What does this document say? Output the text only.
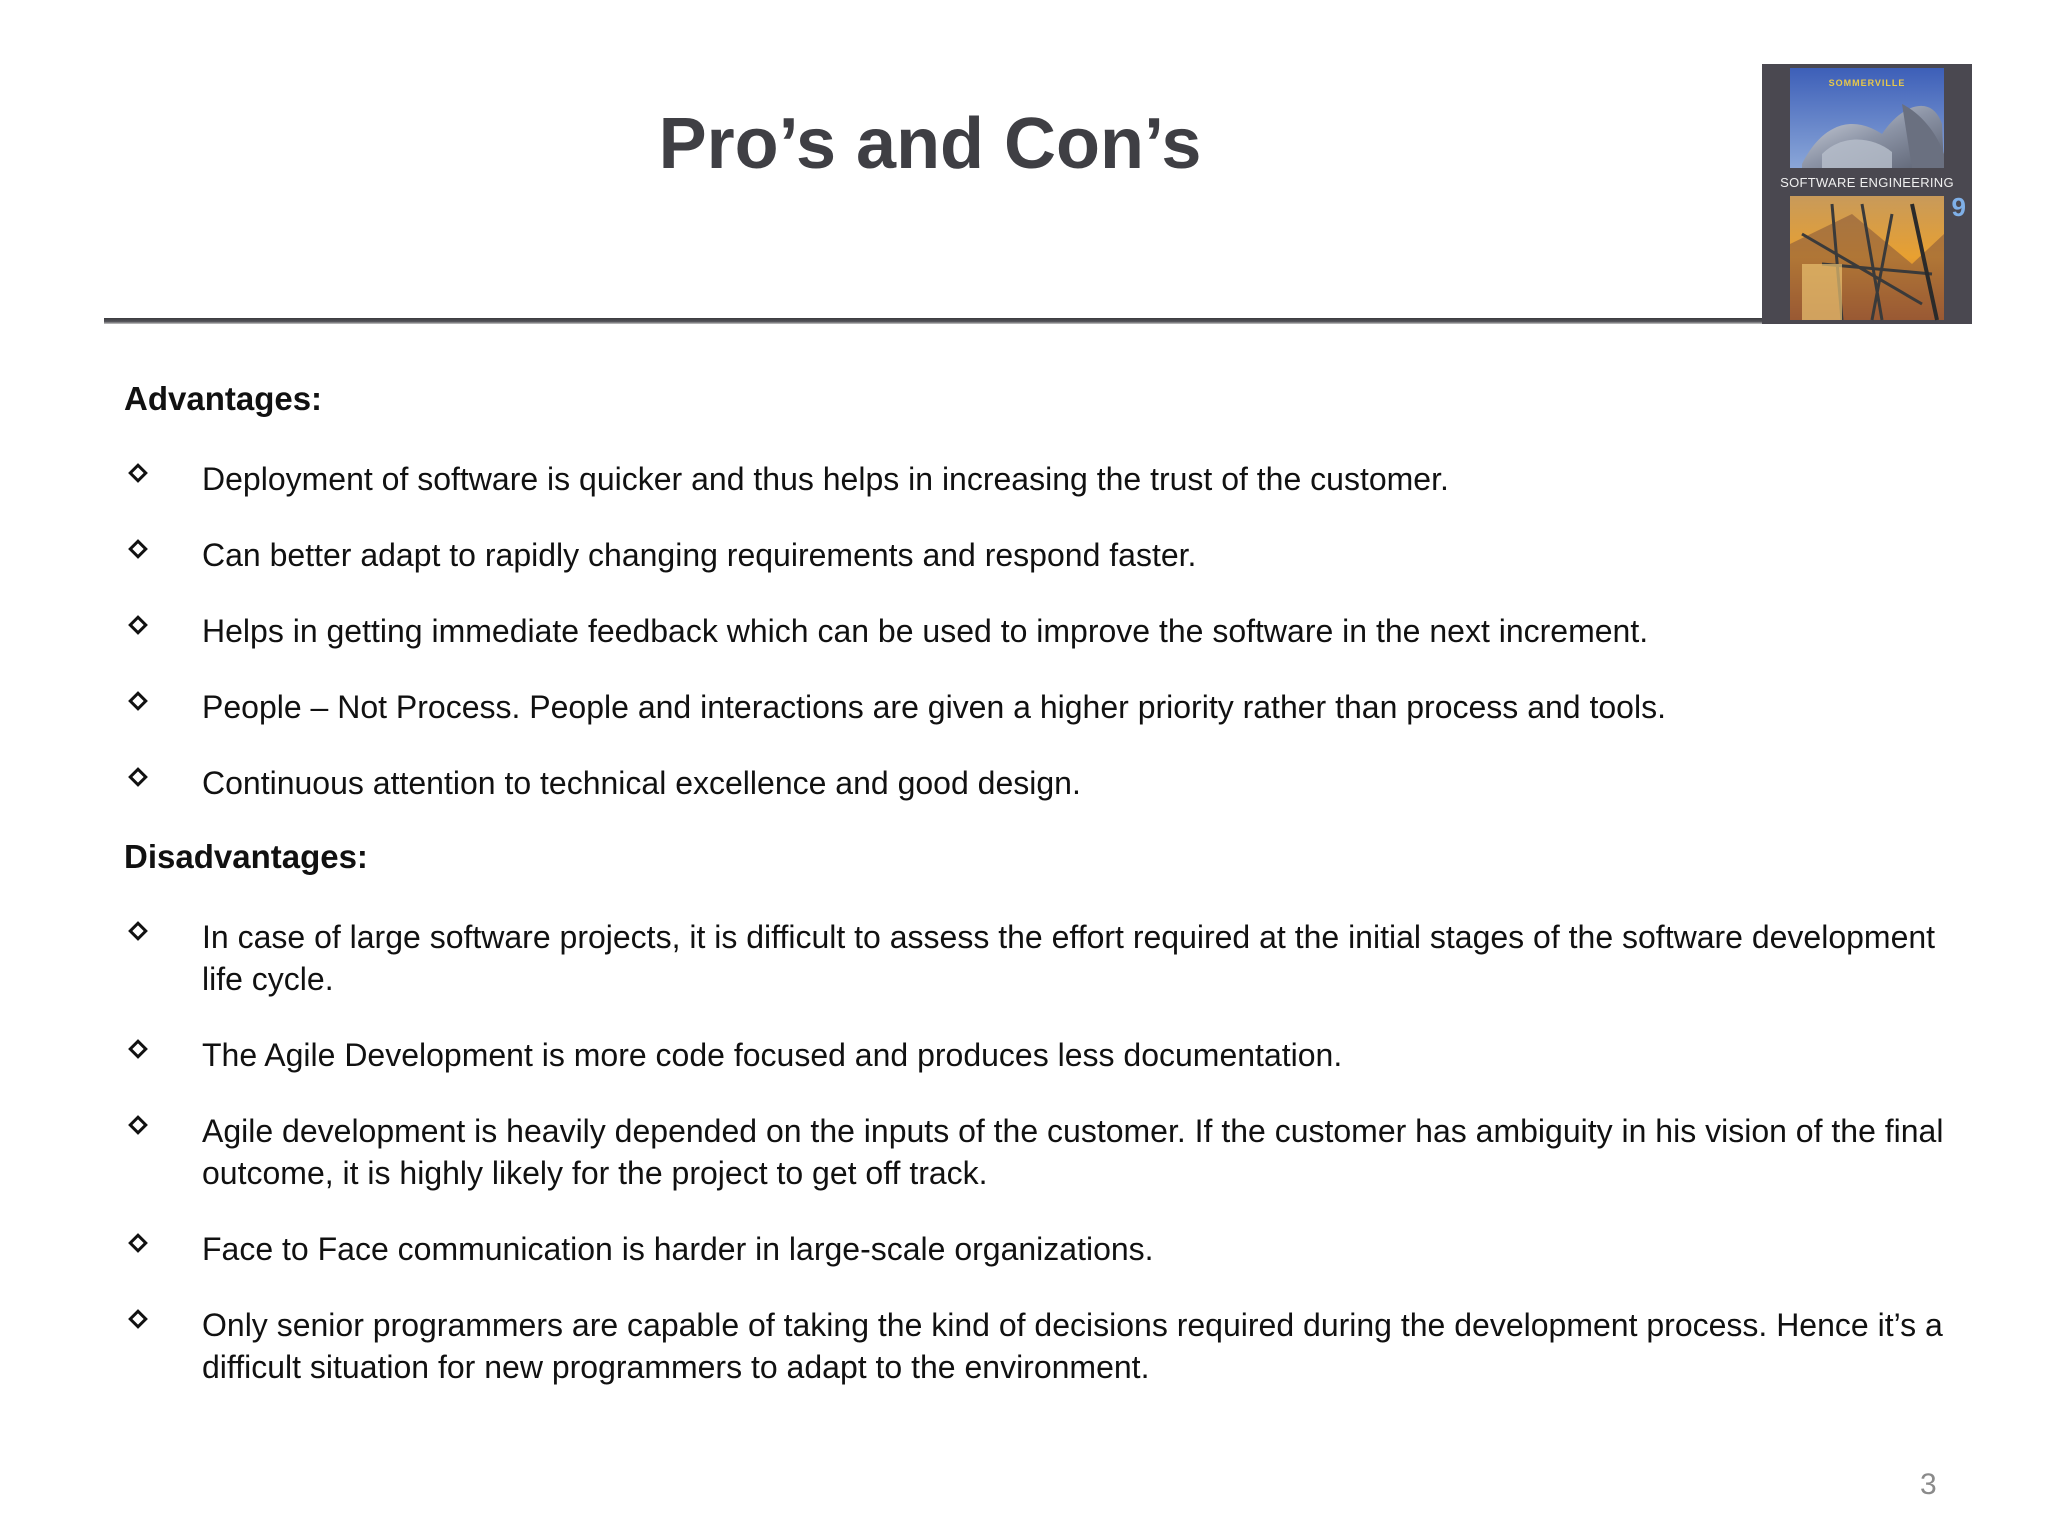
Pro’s and Con’s
SOMMERVILLE
SOFTWARE ENGINEERING
9
Advantages:
Deployment of software is quicker and thus helps in increasing the trust of the customer.
Can better adapt to rapidly changing requirements and respond faster.
Helps in getting immediate feedback which can be used to improve the software in the next increment.
People – Not Process. People and interactions are given a higher priority rather than process and tools.
Continuous attention to technical excellence and good design.
Disadvantages:
In case of large software projects, it is difficult to assess the effort required at the initial stages of the software development life cycle.
The Agile Development is more code focused and produces less documentation.
Agile development is heavily depended on the inputs of the customer. If the customer has ambiguity in his vision of the final outcome, it is highly likely for the project to get off track.
Face to Face communication is harder in large-scale organizations.
Only senior programmers are capable of taking the kind of decisions required during the development process. Hence it’s a difficult situation for new programmers to adapt to the environment.
3
